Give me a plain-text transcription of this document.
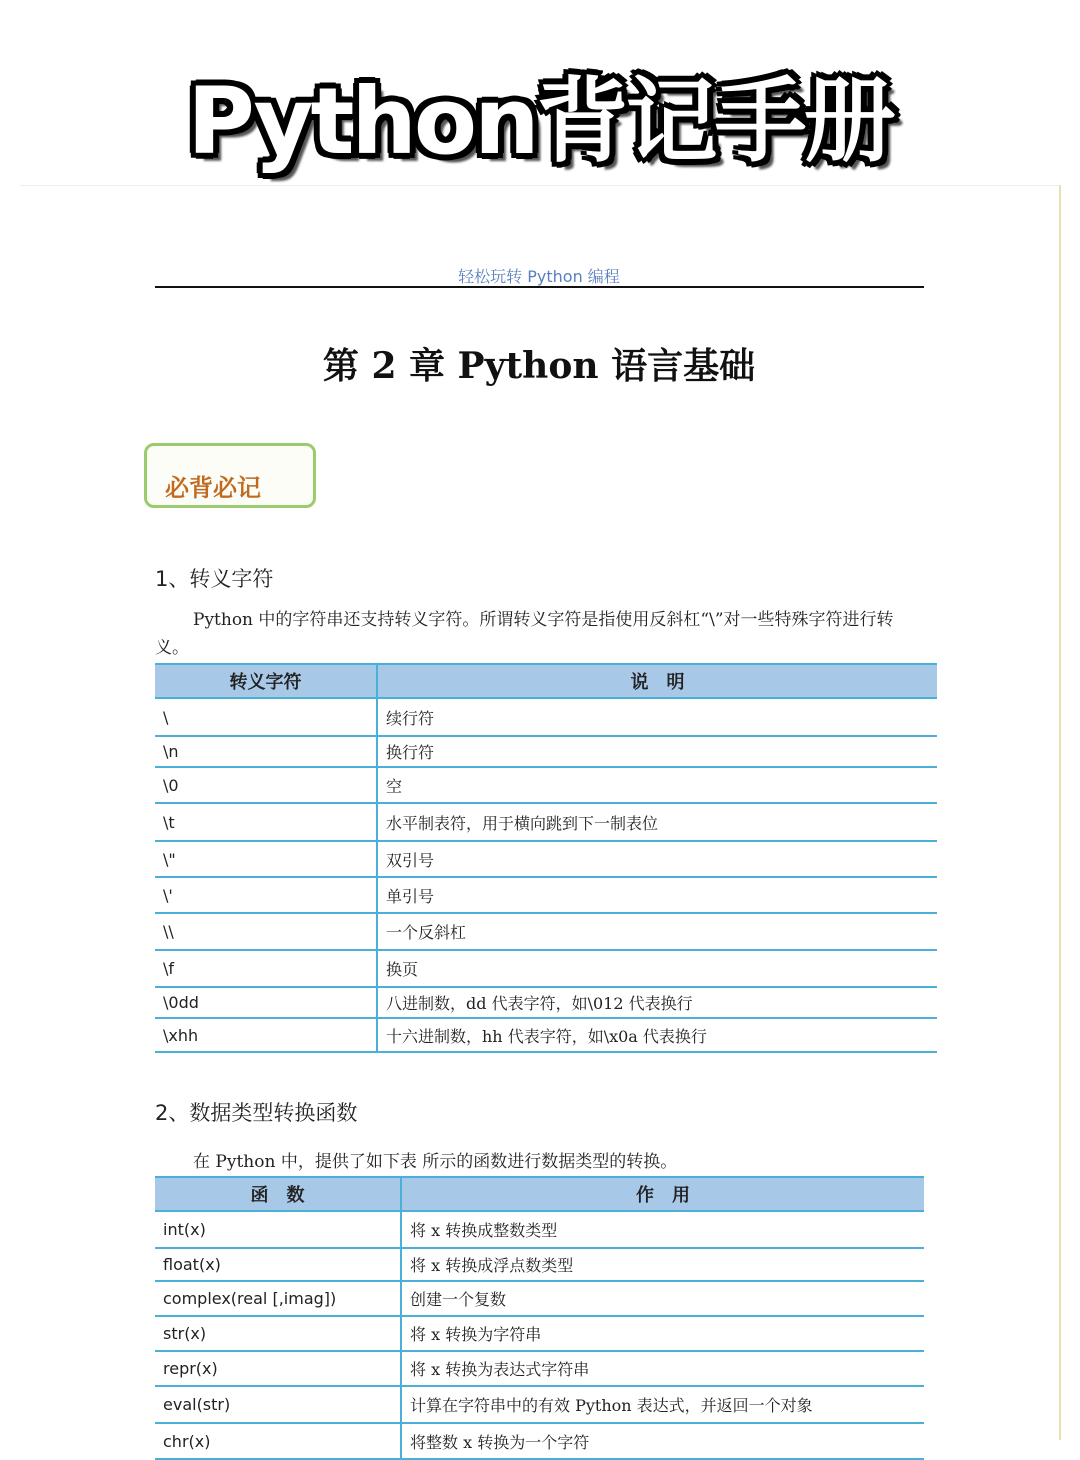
Python背记手册
轻松玩转 Python 编程
第 2 章 Python 语言基础
必背必记
1、转义字符
Python 中的字符串还支持转义字符。所谓转义字符是指使用反斜杠“\”对一些特殊字符进行转义。
转义字符	说　明
\	续行符
\n	换行符
\0	空
\t	水平制表符，用于横向跳到下一制表位
\"	双引号
\'	单引号
\\	一个反斜杠
\f	换页
\0dd	八进制数，dd 代表字符，如\012 代表换行
\xhh	十六进制数，hh 代表字符，如\x0a 代表换行
2、数据类型转换函数
在 Python 中，提供了如下表 所示的函数进行数据类型的转换。
函　数	作　用
int(x)	将 x 转换成整数类型
float(x)	将 x 转换成浮点数类型
complex(real [,imag])	创建一个复数
str(x)	将 x 转换为字符串
repr(x)	将 x 转换为表达式字符串
eval(str)	计算在字符串中的有效 Python 表达式，并返回一个对象
chr(x)	将整数 x 转换为一个字符
